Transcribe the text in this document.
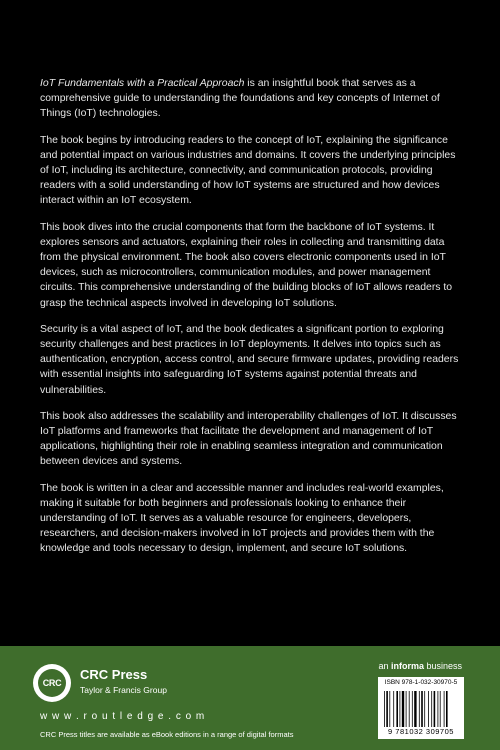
IoT Fundamentals with a Practical Approach is an insightful book that serves as a comprehensive guide to understanding the foundations and key concepts of Internet of Things (IoT) technologies.

The book begins by introducing readers to the concept of IoT, explaining the significance and potential impact on various industries and domains. It covers the underlying principles of IoT, including its architecture, connectivity, and communication protocols, providing readers with a solid understanding of how IoT systems are structured and how devices interact within an IoT ecosystem.

This book dives into the crucial components that form the backbone of IoT systems. It explores sensors and actuators, explaining their roles in collecting and transmitting data from the physical environment. The book also covers electronic components used in IoT devices, such as microcontrollers, communication modules, and power management circuits. This comprehensive understanding of the building blocks of IoT allows readers to grasp the technical aspects involved in developing IoT solutions.

Security is a vital aspect of IoT, and the book dedicates a significant portion to exploring security challenges and best practices in IoT deployments. It delves into topics such as authentication, encryption, access control, and secure firmware updates, providing readers with essential insights into safeguarding IoT systems against potential threats and vulnerabilities.

This book also addresses the scalability and interoperability challenges of IoT. It discusses IoT platforms and frameworks that facilitate the development and management of IoT applications, highlighting their role in enabling seamless integration and communication between devices and systems.

The book is written in a clear and accessible manner and includes real-world examples, making it suitable for both beginners and professionals looking to enhance their understanding of IoT. It serves as a valuable resource for engineers, developers, researchers, and decision-makers involved in IoT projects and provides them with the knowledge and tools necessary to design, implement, and secure IoT solutions.

CRC
CRC Press
Taylor & Francis Group
w w w . r o u t l e d g e . c o m
CRC Press titles are available as eBook editions in a range of digital formats
an informa business
ISBN 978-1-032-30970-5
9 781032 309705
